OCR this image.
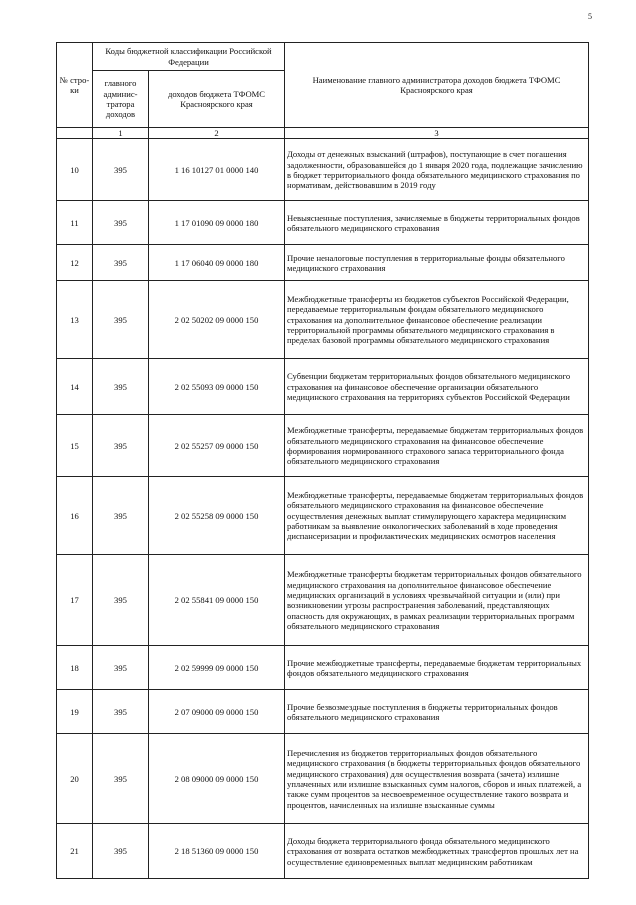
5
№ стро-ки	Коды бюджетной классификации Российской Федерации		Наименование главного администратора доходов бюджета ТФОМС Красноярского края
	главного админис-тратора доходов	доходов бюджета ТФОМС Красноярского края	
	1	2	3
10	395	1 16 10127 01 0000 140	Доходы от денежных взысканий (штрафов), поступающие в счет погашения задолженности, образовавшейся до 1 января 2020 года, подлежащие зачислению в бюджет территориального фонда обязательного медицинского страхования по нормативам, действовавшим в 2019 году
11	395	1 17 01090 09 0000 180	Невыясненные поступления, зачисляемые в бюджеты территориальных фондов обязательного медицинского страхования
12	395	1 17 06040 09 0000 180	Прочие неналоговые поступления в территориальные фонды обязательного медицинского страхования
13	395	2 02 50202 09 0000 150	Межбюджетные трансферты из бюджетов субъектов Российской Федерации, передаваемые территориальным фондам обязательного медицинского страхования на дополнительное финансовое обеспечение реализации территориальной программы обязательного медицинского страхования в пределах базовой программы обязательного медицинского страхования
14	395	2 02 55093 09 0000 150	Субвенции бюджетам территориальных фондов обязательного медицинского страхования на финансовое обеспечение организации обязательного медицинского страхования на территориях субъектов Российской Федерации
15	395	2 02 55257 09 0000 150	Межбюджетные трансферты, передаваемые бюджетам территориальных фондов обязательного медицинского страхования на финансовое обеспечение формирования нормированного страхового запаса территориального фонда обязательного медицинского страхования
16	395	2 02 55258 09 0000 150	Межбюджетные трансферты, передаваемые бюджетам территориальных фондов обязательного медицинского страхования на финансовое обеспечение осуществления денежных выплат стимулирующего характера медицинским работникам за выявление онкологических заболеваний в ходе проведения диспансеризации и профилактических медицинских осмотров населения
17	395	2 02 55841 09 0000 150	Межбюджетные трансферты бюджетам территориальных фондов обязательного медицинского страхования на дополнительное финансовое обеспечение медицинских организаций в условиях чрезвычайной ситуации и (или) при возникновении угрозы распространения заболеваний, представляющих опасность для окружающих, в рамках реализации территориальных программ обязательного медицинского страхования
18	395	2 02 59999 09 0000 150	Прочие межбюджетные трансферты, передаваемые бюджетам территориальных фондов обязательного медицинского страхования
19	395	2 07 09000 09 0000 150	Прочие безвозмездные поступления в бюджеты территориальных фондов обязательного медицинского страхования
20	395	2 08 09000 09 0000 150	Перечисления из бюджетов территориальных фондов обязательного медицинского страхования (в бюджеты территориальных фондов обязательного медицинского страхования) для осуществления возврата (зачета) излишне уплаченных или излишне взысканных сумм налогов, сборов и иных платежей, а также сумм процентов за несвоевременное осуществление такого возврата и процентов, начисленных на излишне взысканные суммы
21	395	2 18 51360 09 0000 150	Доходы бюджета территориального фонда обязательного медицинского страхования от возврата остатков межбюджетных трансфертов прошлых лет на осуществление единовременных выплат медицинским работникам
